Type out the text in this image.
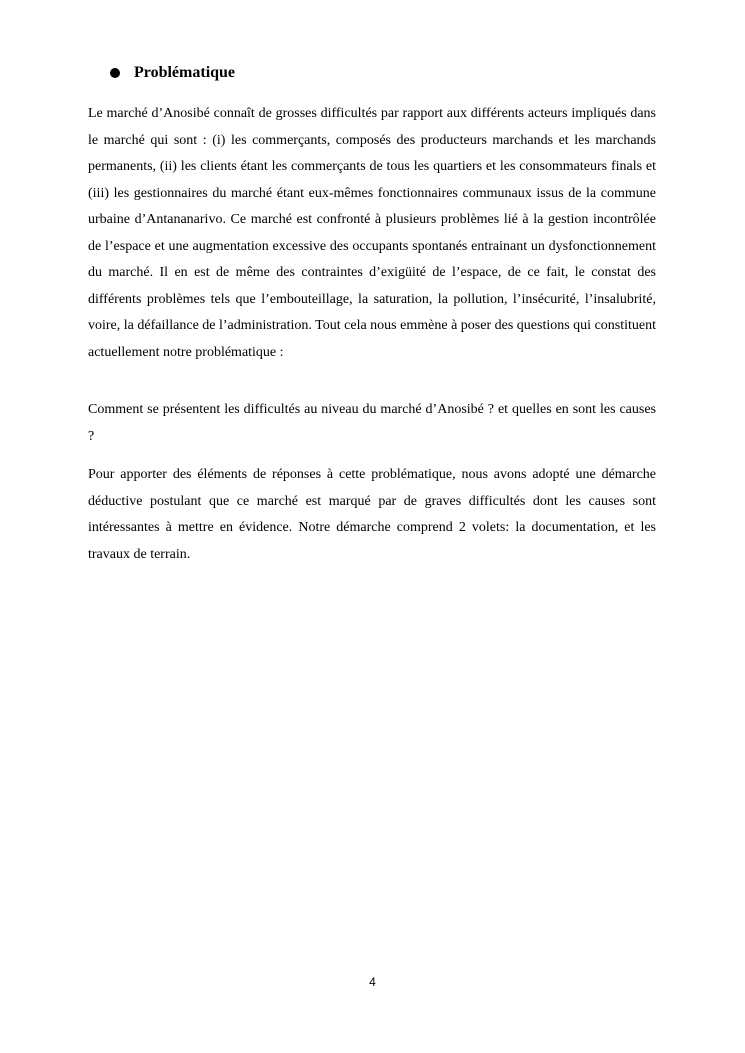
Problématique

Le marché d’Anosibé connaît de grosses difficultés par rapport aux différents acteurs impliqués dans le marché qui sont : (i) les commerçants, composés des producteurs marchands et les marchands permanents, (ii) les clients étant les commerçants de tous les quartiers et les consommateurs finals et (iii) les gestionnaires du marché étant eux-mêmes fonctionnaires communaux issus de la commune urbaine d’Antananarivo. Ce marché est confronté à plusieurs problèmes lié à la gestion incontrôlée de l’espace et une augmentation excessive des occupants spontanés entrainant un dysfonctionnement du marché. Il en est de même des contraintes d’exigüité de l’espace, de ce fait, le constat des différents problèmes tels que l’embouteillage, la saturation, la pollution, l’insécurité, l’insalubrité, voire, la défaillance de l’administration. Tout cela nous emmène à poser des questions qui constituent actuellement notre problématique :

Comment se présentent les difficultés au niveau du marché d’Anosibé ? et quelles en sont les causes ?

Pour apporter des éléments de réponses à cette problématique, nous avons adopté une démarche déductive postulant que ce marché est marqué par de graves difficultés dont les causes sont intéressantes à mettre en évidence. Notre démarche comprend 2 volets: la documentation, et les travaux de terrain.

4
